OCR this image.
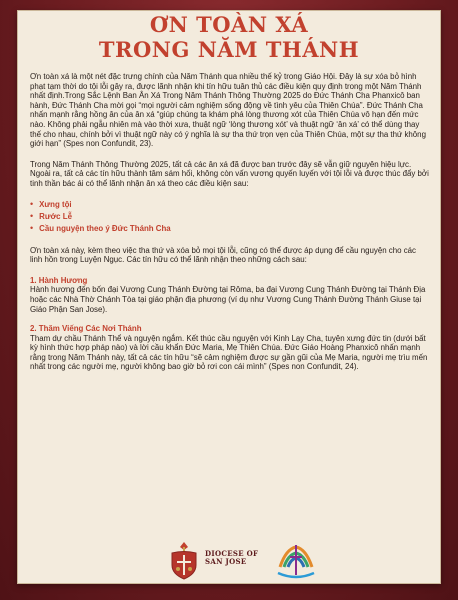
ƠN TOÀN XÁ
TRONG NĂM THÁNH

Ơn toàn xá là một nét đặc trưng chính của Năm Thánh qua nhiều thế kỷ trong Giáo Hội. Đây là sự xóa bỏ hình phạt tạm thời do tội lỗi gây ra, được lãnh nhận khi tín hữu tuân thủ các điều kiện quy định trong một Năm Thánh nhất định.Trong Sắc Lệnh Ban Ân Xá Trong Năm Thánh Thông Thường 2025 do Đức Thánh Cha Phanxicô ban hành, Đức Thánh Cha mời gọi “mọi người cảm nghiệm sống động về tình yêu của Thiên Chúa”. Đức Thánh Cha nhấn mạnh rằng hồng ân của ân xá “giúp chúng ta khám phá lòng thương xót của Thiên Chúa vô hạn đến mức nào. Không phải ngẫu nhiên mà vào thời xưa, thuật ngữ ‘lòng thương xót’ và thuật ngữ ‘ân xá’ có thể dùng thay thế cho nhau, chính bởi vì thuật ngữ này có ý nghĩa là sự tha thứ trọn vẹn của Thiên Chúa, một sự tha thứ không giới hạn” (Spes non Confundit, 23).

Trong Năm Thánh Thông Thường 2025, tất cả các ân xá đã được ban trước đây sẽ vẫn giữ nguyên hiệu lực. Ngoài ra, tất cả các tín hữu thành tâm sám hối, không còn vấn vương quyến luyến với tội lỗi và được thúc đẩy bởi tinh thần bác ái có thể lãnh nhận ân xá theo các điều kiện sau:

• Xưng tội
• Rước Lễ
• Cầu nguyện theo ý Đức Thánh Cha

Ơn toàn xá này, kèm theo việc tha thứ và xóa bỏ mọi tội lỗi, cũng có thể được áp dụng để cầu nguyện cho các linh hồn trong Luyện Ngục. Các tín hữu có thể lãnh nhận theo những cách sau:

1. Hành Hương
Hành hương đến bốn đại Vương Cung Thánh Đường tại Rôma, ba đại Vương Cung Thánh Đường tại Thánh Địa hoặc các Nhà Thờ Chánh Tòa tại giáo phận địa phương (ví dụ như Vương Cung Thánh Đường Thánh Giuse tại Giáo Phận San Jose).
2. Thăm Viếng Các Nơi Thánh
Tham dự chầu Thánh Thể và nguyện ngắm. Kết thúc cầu nguyện với Kinh Lạy Cha, tuyên xưng đức tin (dưới bất kỳ hình thức hợp pháp nào) và lời cầu khẩn Đức Maria, Mẹ Thiên Chúa. Đức Giáo Hoàng Phanxicô nhấn mạnh rằng trong Năm Thánh này, tất cả các tín hữu “sẽ cảm nghiệm được sự gần gũi của Mẹ Maria, người mẹ trìu mến nhất trong các người mẹ, người không bao giờ bỏ rơi con cái mình” (Spes non Confundit, 24).
DIOCESE OF
SAN JOSE
